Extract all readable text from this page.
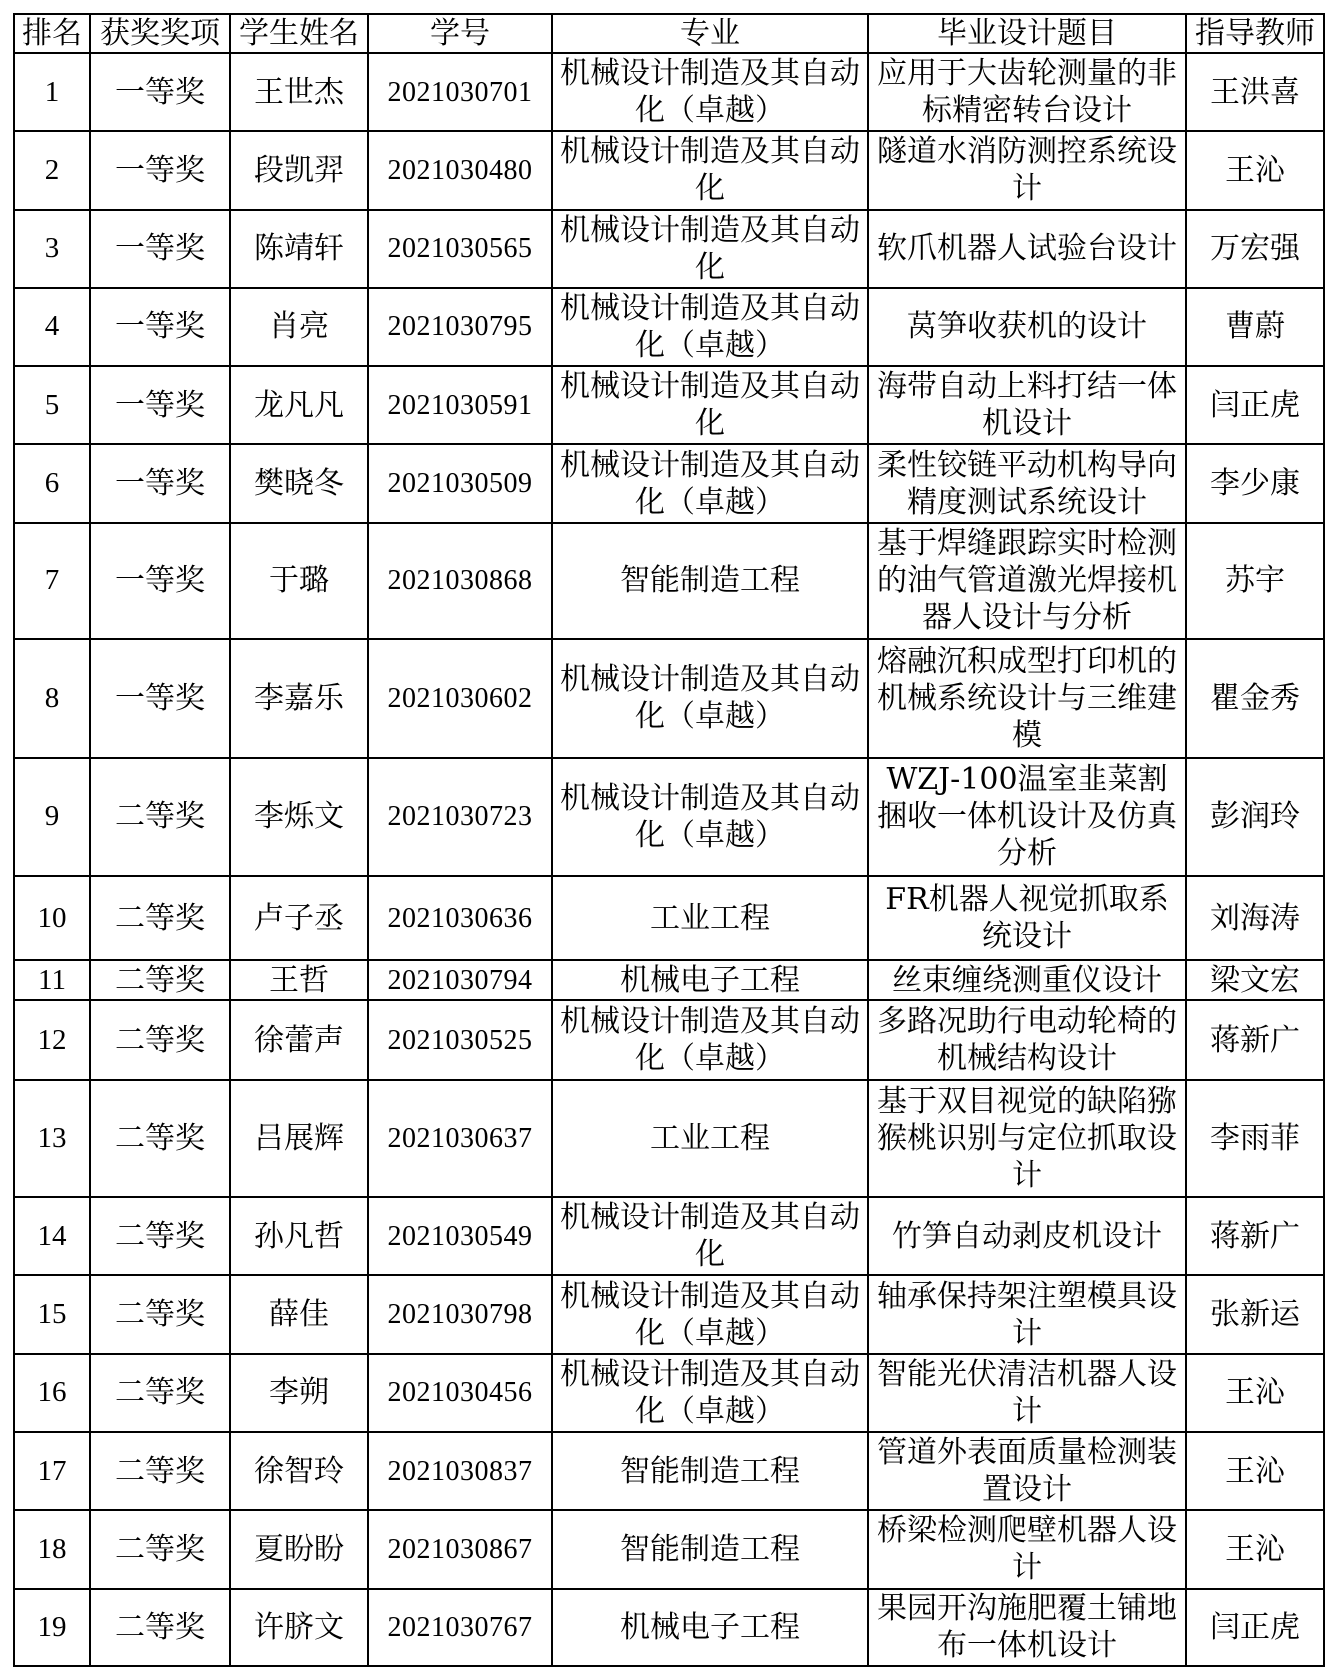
排名	获奖奖项	学生姓名	学号	专业	毕业设计题目	指导教师
1	一等奖	王世杰	2021030701	机械设计制造及其自动化（卓越）	应用于大齿轮测量的非标精密转台设计	王洪喜
2	一等奖	段凯羿	2021030480	机械设计制造及其自动化	隧道水消防测控系统设计	王沁
3	一等奖	陈靖轩	2021030565	机械设计制造及其自动化	软爪机器人试验台设计	万宏强
4	一等奖	肖亮	2021030795	机械设计制造及其自动化（卓越）	莴笋收获机的设计	曹蔚
5	一等奖	龙凡凡	2021030591	机械设计制造及其自动化	海带自动上料打结一体机设计	闫正虎
6	一等奖	樊晓冬	2021030509	机械设计制造及其自动化（卓越）	柔性铰链平动机构导向精度测试系统设计	李少康
7	一等奖	于璐	2021030868	智能制造工程	基于焊缝跟踪实时检测的油气管道激光焊接机器人设计与分析	苏宇
8	一等奖	李嘉乐	2021030602	机械设计制造及其自动化（卓越）	熔融沉积成型打印机的机械系统设计与三维建模	瞿金秀
9	二等奖	李烁文	2021030723	机械设计制造及其自动化（卓越）	WZJ-100温室韭菜割捆收一体机设计及仿真分析	彭润玲
10	二等奖	卢子丞	2021030636	工业工程	FR机器人视觉抓取系统设计	刘海涛
11	二等奖	王哲	2021030794	机械电子工程	丝束缠绕测重仪设计	梁文宏
12	二等奖	徐蕾声	2021030525	机械设计制造及其自动化（卓越）	多路况助行电动轮椅的机械结构设计	蒋新广
13	二等奖	吕展辉	2021030637	工业工程	基于双目视觉的缺陷猕猴桃识别与定位抓取设计	李雨菲
14	二等奖	孙凡哲	2021030549	机械设计制造及其自动化	竹笋自动剥皮机设计	蒋新广
15	二等奖	薛佳	2021030798	机械设计制造及其自动化（卓越）	轴承保持架注塑模具设计	张新运
16	二等奖	李朔	2021030456	机械设计制造及其自动化（卓越）	智能光伏清洁机器人设计	王沁
17	二等奖	徐智玲	2021030837	智能制造工程	管道外表面质量检测装置设计	王沁
18	二等奖	夏盼盼	2021030867	智能制造工程	桥梁检测爬壁机器人设计	王沁
19	二等奖	许脐文	2021030767	机械电子工程	果园开沟施肥覆土铺地布一体机设计	闫正虎
